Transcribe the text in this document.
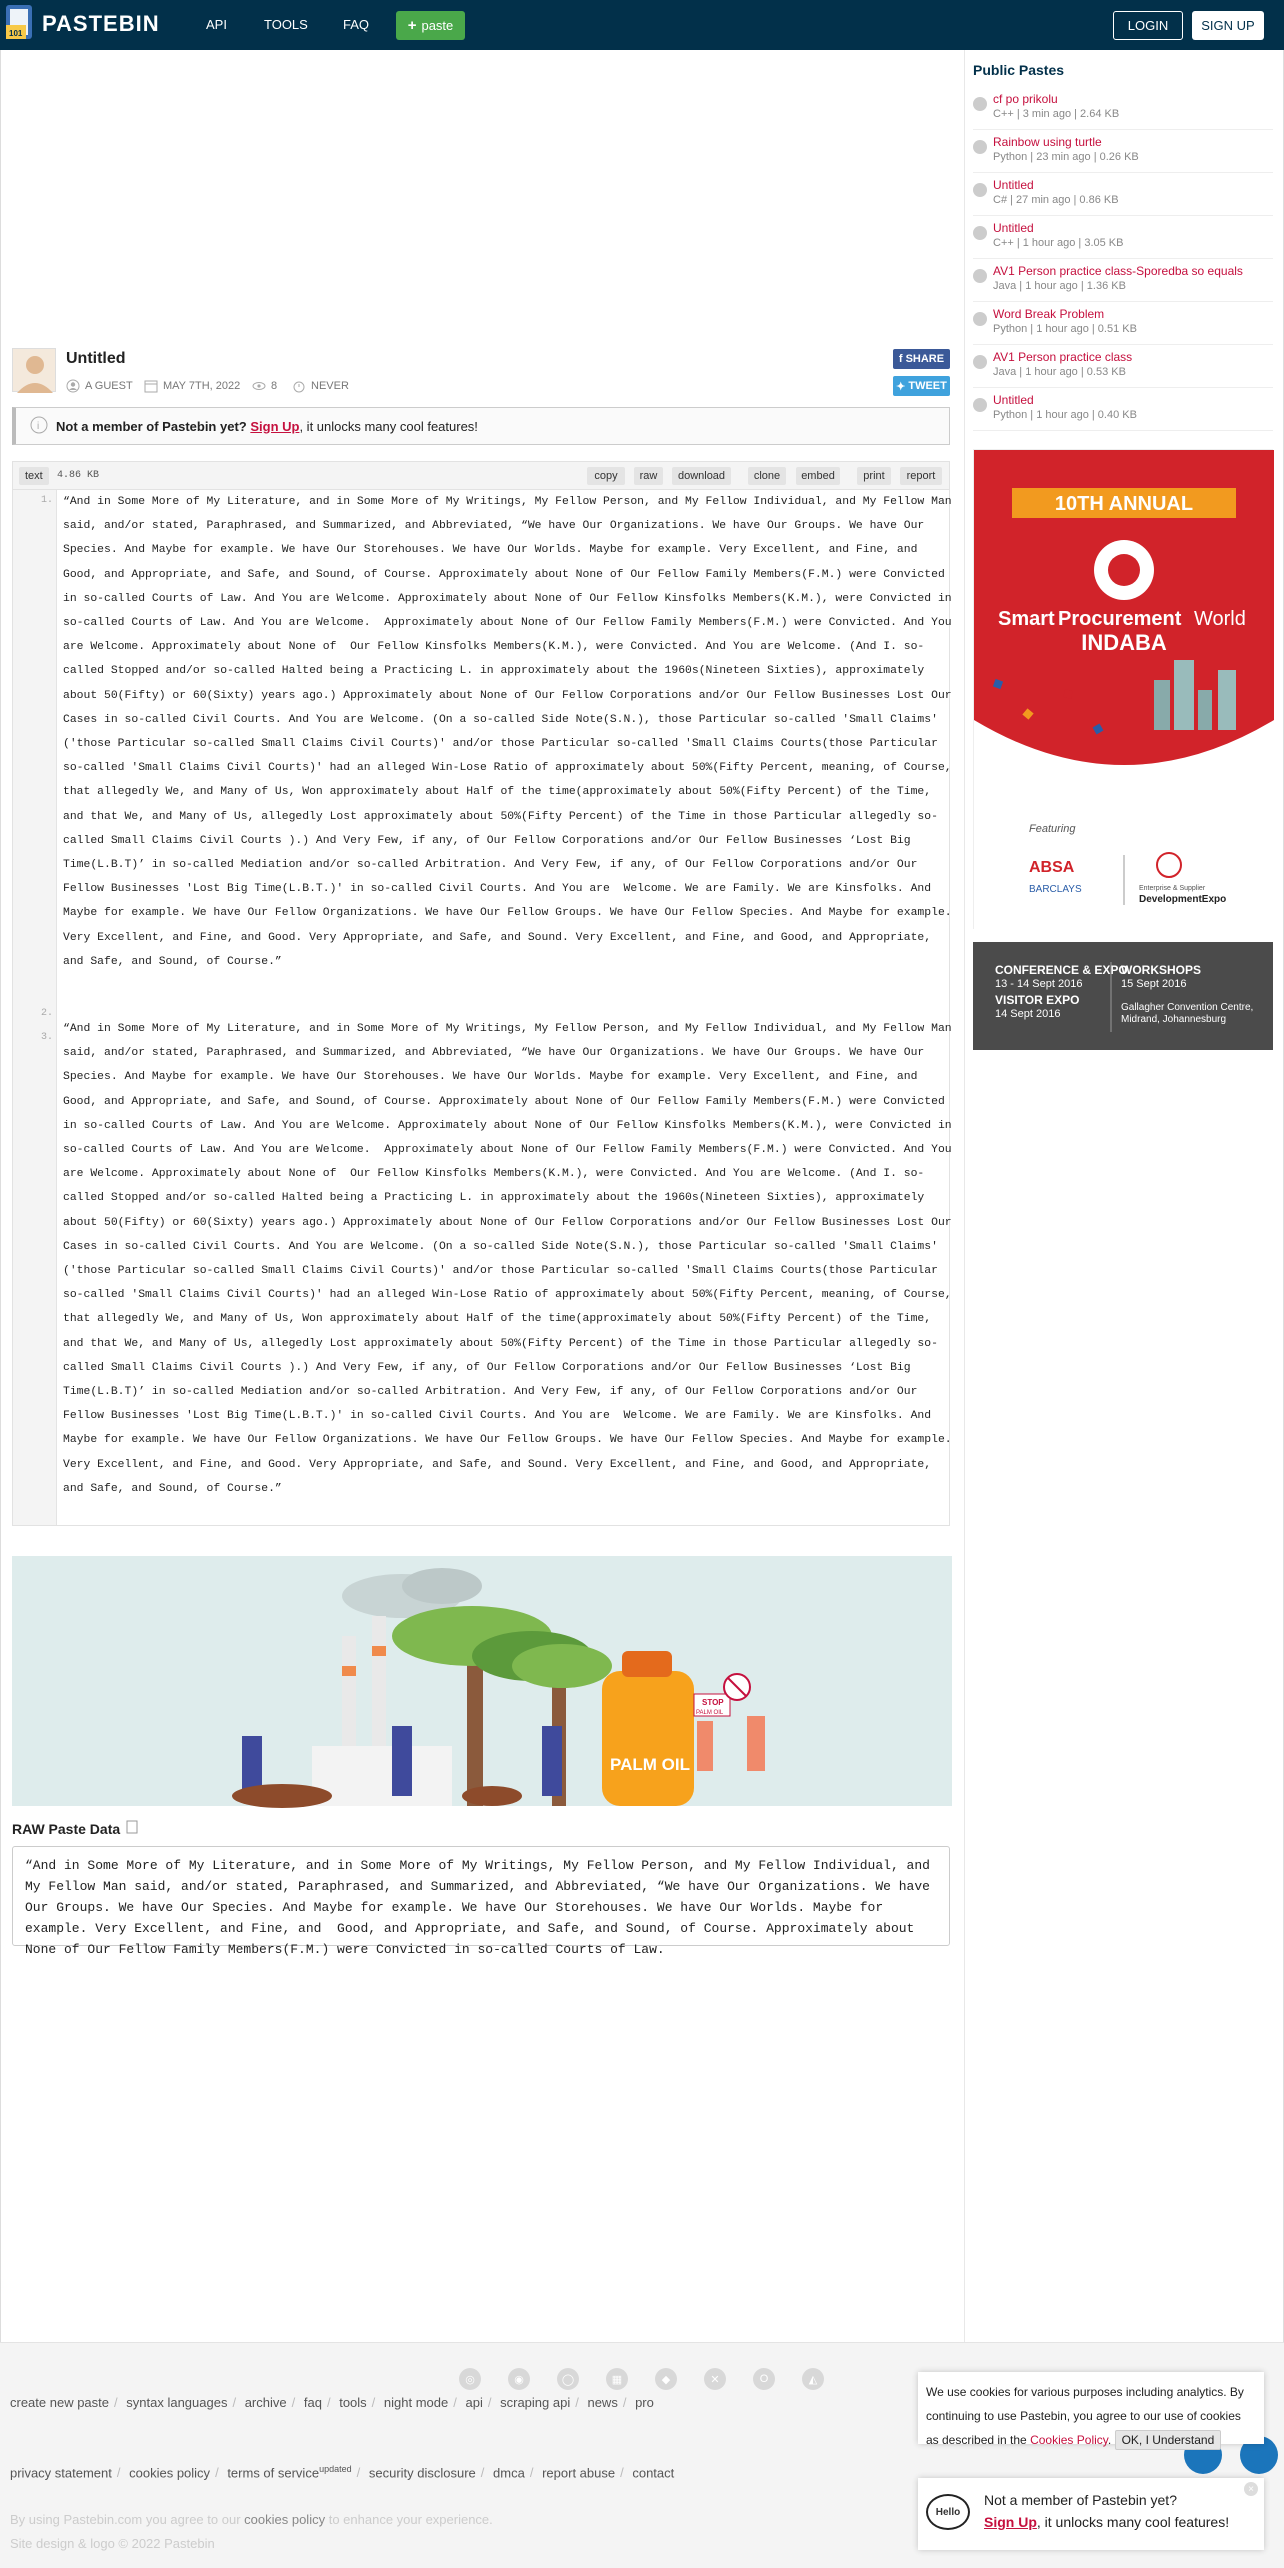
101 PASTEBIN	API	TOOLS	FAQ	+ paste	LOGIN	SIGN UP
Untitled
A GUEST	MAY 7TH, 2022	8	NEVER
f SHARE
✦ TWEET
i Not a member of Pastebin yet? Sign Up, it unlocks many cool features!
text	4.86 KB	copy	raw	download	clone	embed	print	report
1. “And in Some More of My Literature, and in Some More of My Writings, My Fellow Person, and My Fellow Individual, and My Fellow Man said, and/or stated, Paraphrased, and Summarized, and Abbreviated, “We have Our Organizations. We have Our Groups. We have Our Species. And Maybe for example. We have Our Storehouses. We have Our Worlds. Maybe for example. Very Excellent, and Fine, and  Good, and Appropriate, and Safe, and Sound, of Course. Approximately about None of Our Fellow Family Members(F.M.) were Convicted in so-called Courts of Law. And You are Welcome. Approximately about None of Our Fellow Kinsfolks Members(K.M.), were Convicted in so-called Courts of Law. And You are Welcome.  Approximately about None of Our Fellow Family Members(F.M.) were Convicted. And You are Welcome. Approximately about None of  Our Fellow Kinsfolks Members(K.M.), were Convicted. And You are Welcome. (And I. so-called Stopped and/or so-called Halted being a Practicing L. in approximately about the 1960s(Nineteen Sixties), approximately about 50(Fifty) or 60(Sixty) years ago.) Approximately about None of Our Fellow Corporations and/or Our Fellow Businesses Lost Our Cases in so-called Civil Courts. And You are Welcome. (On a so-called Side Note(S.N.), those Particular so-called 'Small Claims' ('those Particular so-called Small Claims Civil Courts)' and/or those Particular so-called 'Small Claims Courts(those Particular so-called 'Small Claims Civil Courts)' had an alleged Win-Lose Ratio of approximately about 50%(Fifty Percent, meaning, of Course, that allegedly We, and Many of Us, Won approximately about Half of the time(approximately about 50%(Fifty Percent) of the Time, and that We, and Many of Us, allegedly Lost approximately about 50%(Fifty Percent) of the Time in those Particular allegedly so-called Small Claims Civil Courts ).) And Very Few, if any, of Our Fellow Corporations and/or Our Fellow Businesses ‘Lost Big Time(L.B.T)’ in so-called Mediation and/or so-called Arbitration. And Very Few, if any, of Our Fellow Corporations and/or Our Fellow Businesses 'Lost Big Time(L.B.T.)' in so-called Civil Courts. And You are  Welcome. We are Family. We are Kinsfolks. And Maybe for example. We have Our Fellow Organizations. We have Our Fellow Groups. We have Our Fellow Species. And Maybe for example. Very Excellent, and Fine, and Good. Very Appropriate, and Safe, and Sound. Very Excellent, and Fine, and Good, and Appropriate, and Safe, and Sound, of Course.”
2.
3.
“And in Some More of My Literature, and in Some More of My Writings, My Fellow Person, and My Fellow Individual, and My Fellow Man said, and/or stated, Paraphrased, and Summarized, and Abbreviated, “We have Our Organizations. We have Our Groups. We have Our Species. And Maybe for example. We have Our Storehouses. We have Our Worlds. Maybe for example. Very Excellent, and Fine, and  Good, and Appropriate, and Safe, and Sound, of Course. Approximately about None of Our Fellow Family Members(F.M.) were Convicted in so-called Courts of Law. And You are Welcome. Approximately about None of Our Fellow Kinsfolks Members(K.M.), were Convicted in so-called Courts of Law. And You are Welcome.  Approximately about None of Our Fellow Family Members(F.M.) were Convicted. And You are Welcome. Approximately about None of  Our Fellow Kinsfolks Members(K.M.), were Convicted. And You are Welcome. (And I. so-called Stopped and/or so-called Halted being a Practicing L. in approximately about the 1960s(Nineteen Sixties), approximately about 50(Fifty) or 60(Sixty) years ago.) Approximately about None of Our Fellow Corporations and/or Our Fellow Businesses Lost Our Cases in so-called Civil Courts. And You are Welcome. (On a so-called Side Note(S.N.), those Particular so-called 'Small Claims' ('those Particular so-called Small Claims Civil Courts)' and/or those Particular so-called 'Small Claims Courts(those Particular so-called 'Small Claims Civil Courts)' had an alleged Win-Lose Ratio of approximately about 50%(Fifty Percent, meaning, of Course, that allegedly We, and Many of Us, Won approximately about Half of the time(approximately about 50%(Fifty Percent) of the Time, and that We, and Many of Us, allegedly Lost approximately about 50%(Fifty Percent) of the Time in those Particular allegedly so-called Small Claims Civil Courts ).) And Very Few, if any, of Our Fellow Corporations and/or Our Fellow Businesses ‘Lost Big Time(L.B.T)’ in so-called Mediation and/or so-called Arbitration. And Very Few, if any, of Our Fellow Corporations and/or Our Fellow Businesses 'Lost Big Time(L.B.T.)' in so-called Civil Courts. And You are  Welcome. We are Family. We are Kinsfolks. And Maybe for example. We have Our Fellow Organizations. We have Our Fellow Groups. We have Our Fellow Species. And Maybe for example. Very Excellent, and Fine, and Good. Very Appropriate, and Safe, and Sound. Very Excellent, and Fine, and Good, and Appropriate, and Safe, and Sound, of Course.”
PALM OIL
STOP
PALM OIL
RAW Paste Data
“And in Some More of My Literature, and in Some More of My Writings, My Fellow Person, and My Fellow Individual, and My Fellow Man said, and/or stated, Paraphrased, and Summarized, and Abbreviated, “We have Our Organizations. We have Our Groups. We have Our Species. And Maybe for example. We have Our Storehouses. We have Our Worlds. Maybe for example. Very Excellent, and Fine, and  Good, and Appropriate, and Safe, and Sound, of Course. Approximately about None of Our Fellow Family Members(F.M.) were Convicted in so-called Courts of Law.
Public Pastes
cf po prikolu
C++ | 3 min ago | 2.64 KB
Rainbow using turtle
Python | 23 min ago | 0.26 KB
Untitled
C# | 27 min ago | 0.86 KB
Untitled
C++ | 1 hour ago | 3.05 KB
AV1 Person practice class-Sporedba so equals
Java | 1 hour ago | 1.36 KB
Word Break Problem
Python | 1 hour ago | 0.51 KB
AV1 Person practice class
Java | 1 hour ago | 0.53 KB
Untitled
Python | 1 hour ago | 0.40 KB
10TH ANNUAL
Smart Procurement World
INDABA
Featuring
ABSA
BARCLAYS	Enterprise & Supplier
DevelopmentExpo
CONFERENCE & EXPO
13 - 14 Sept 2016
VISITOR EXPO
14 Sept 2016
WORKSHOPS
15 Sept 2016
Gallagher Convention Centre,
Midrand, Johannesburg
◎	◉	◯	▦	◆	✕	O	◭
create new paste / syntax languages / archive / faq / tools / night mode / api / scraping api / news / pro
privacy statement / cookies policy / terms of service$^{updated}$ / security disclosure / dmca / report abuse / contact
By using Pastebin.com you agree to our cookies policy to enhance your experience.
Site design & logo © 2022 Pastebin
We use cookies for various purposes including analytics. By continuing to use Pastebin, you agree to our use of cookies as described in the Cookies Policy. OK, I Understand
Hello
Not a member of Pastebin yet?
Sign Up, it unlocks many cool features!
×
